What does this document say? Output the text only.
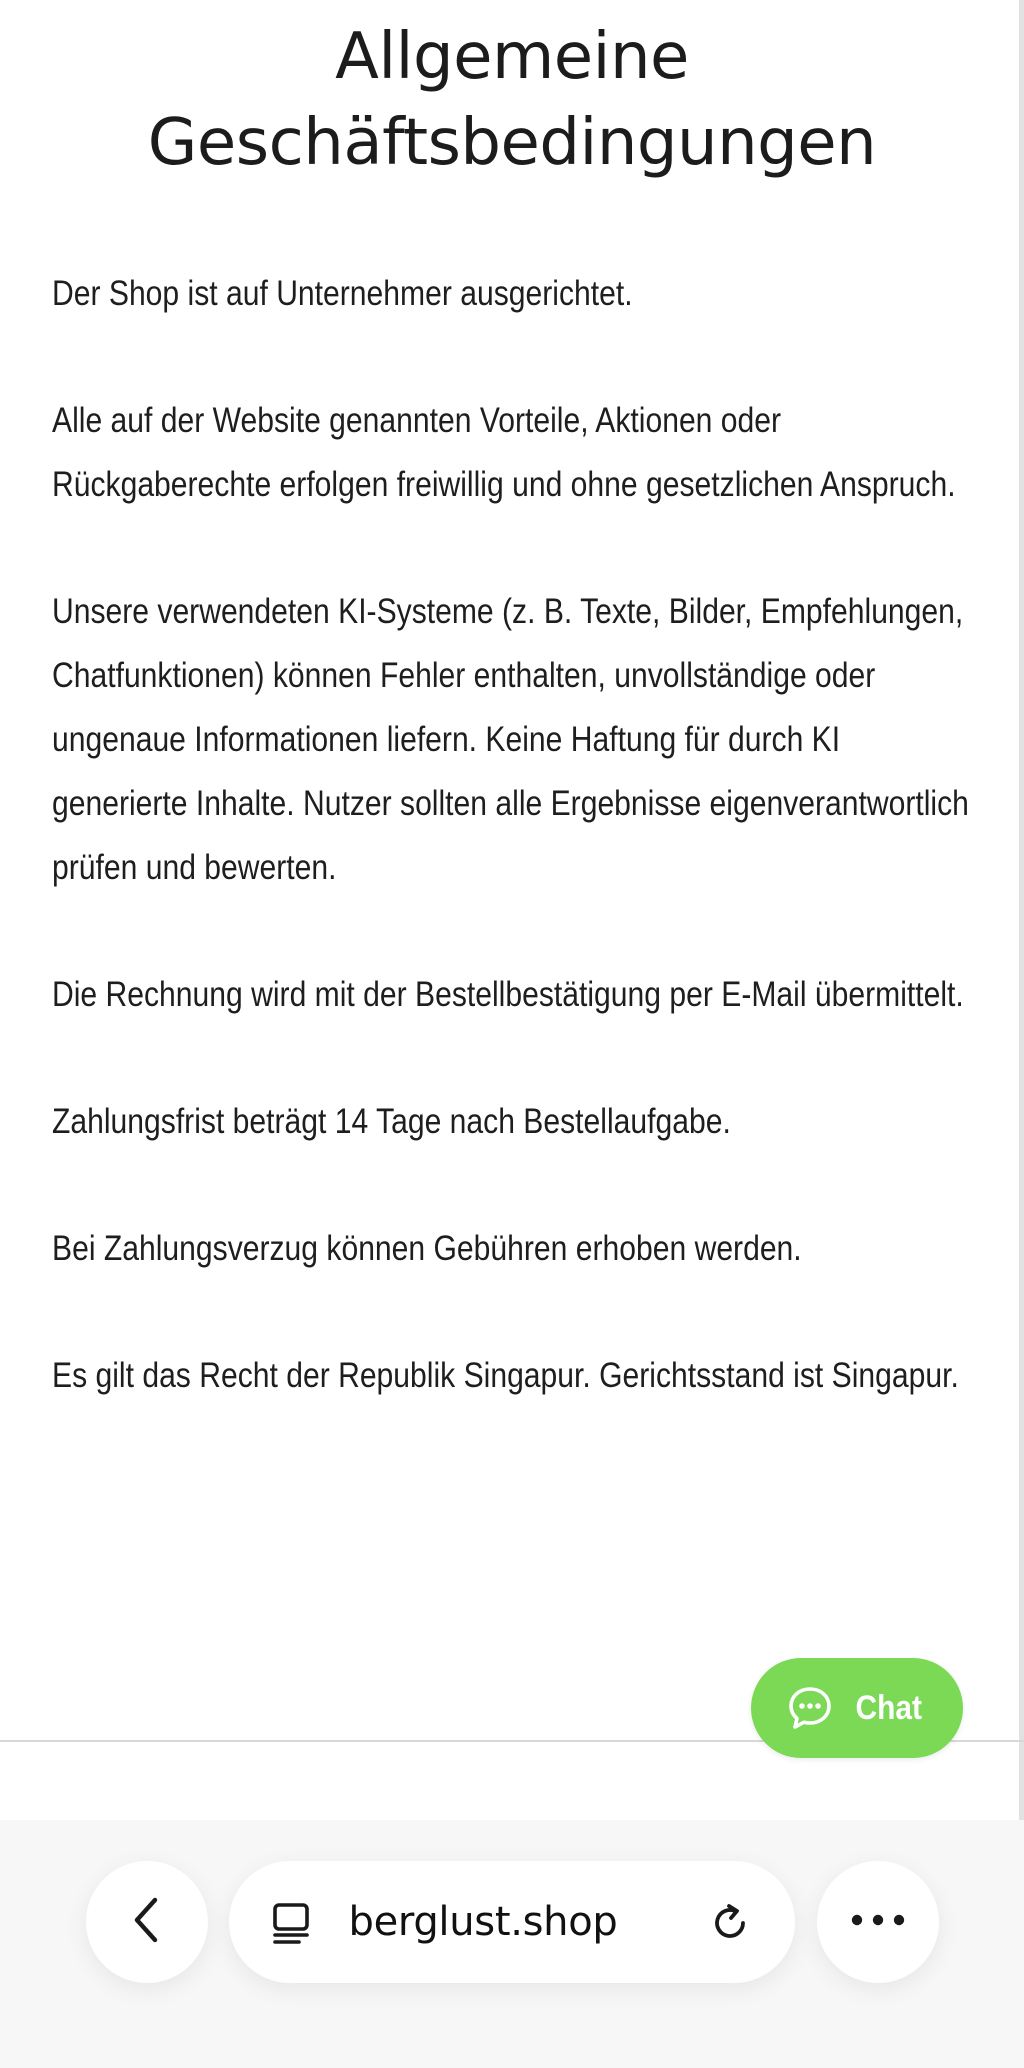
Allgemeine Geschäftsbedingungen

Der Shop ist auf Unternehmer ausgerichtet.

Alle auf der Website genannten Vorteile, Aktionen oder Rückgaberechte erfolgen freiwillig und ohne gesetzlichen Anspruch.

Unsere verwendeten KI-Systeme (z. B. Texte, Bilder, Empfehlungen, Chatfunktionen) können Fehler enthalten, unvollständige oder ungenaue Informationen liefern. Keine Haftung für durch KI generierte Inhalte. Nutzer sollten alle Ergebnisse eigenverantwortlich prüfen und bewerten.

Die Rechnung wird mit der Bestellbestätigung per E-Mail übermittelt.

Zahlungsfrist beträgt 14 Tage nach Bestellaufgabe.

Bei Zahlungsverzug können Gebühren erhoben werden.

Es gilt das Recht der Republik Singapur. Gerichtsstand ist Singapur.

Chat
berglust.shop
